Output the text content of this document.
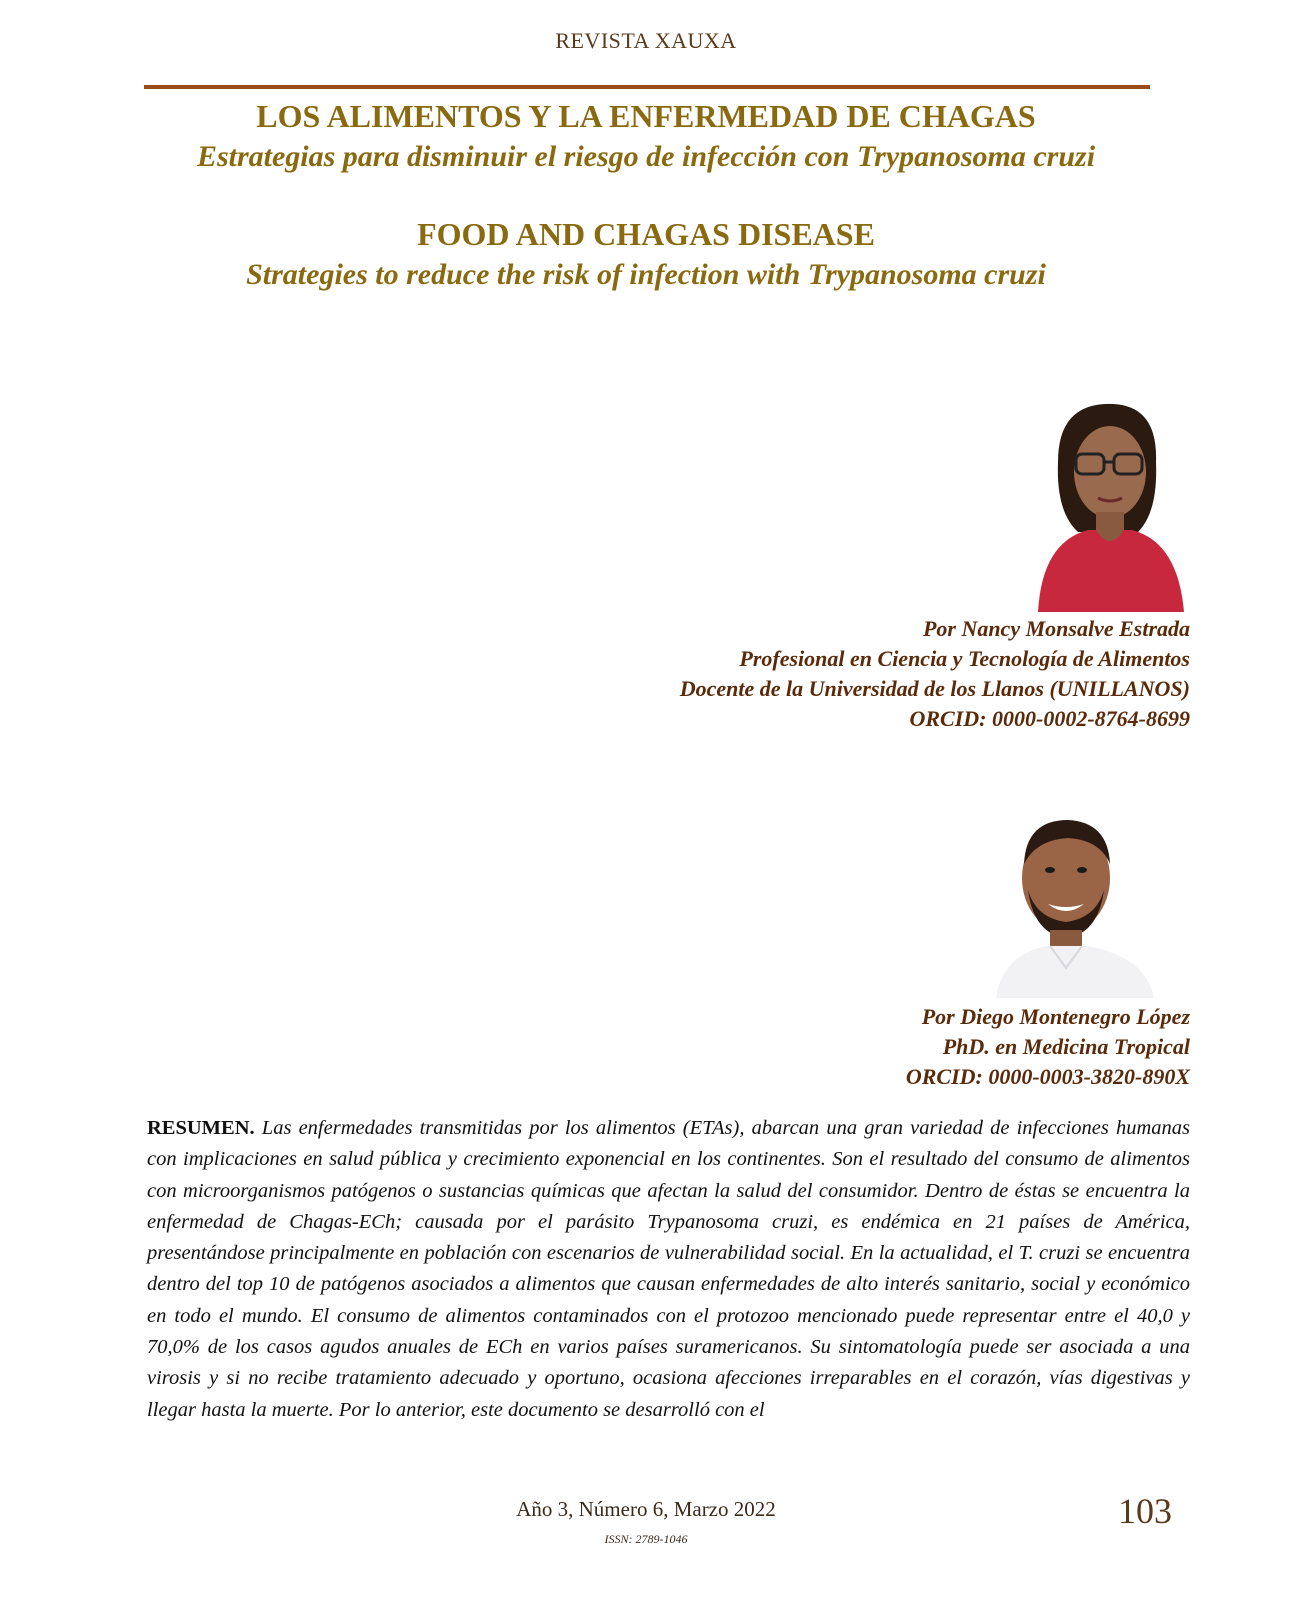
REVISTA XAUXA
LOS ALIMENTOS Y LA ENFERMEDAD DE CHAGAS
Estrategias para disminuir el riesgo de infección con Trypanosoma cruzi
FOOD AND CHAGAS DISEASE
Strategies to reduce the risk of infection with Trypanosoma cruzi
Por Nancy Monsalve Estrada
Profesional en Ciencia y Tecnología de Alimentos
Docente de la Universidad de los Llanos (UNILLANOS)
ORCID: 0000-0002-8764-8699
Por Diego Montenegro López
PhD. en Medicina Tropical
ORCID: 0000-0003-3820-890X
RESUMEN. Las enfermedades transmitidas por los alimentos (ETAs), abarcan una gran variedad de infecciones humanas con implicaciones en salud pública y crecimiento exponencial en los continentes. Son el resultado del consumo de alimentos con microorganismos patógenos o sustancias químicas que afectan la salud del consumidor. Dentro de éstas se encuentra la enfermedad de Chagas-ECh; causada por el parásito Trypanosoma cruzi, es endémica en 21 países de América, presentándose principalmente en población con escenarios de vulnerabilidad social. En la actualidad, el T. cruzi se encuentra dentro del top 10 de patógenos asociados a alimentos que causan enfermedades de alto interés sanitario, social y económico en todo el mundo. El consumo de alimentos contaminados con el protozoo mencionado puede representar entre el 40,0 y 70,0% de los casos agudos anuales de ECh en varios países suramericanos. Su sintomatología puede ser asociada a una virosis y si no recibe tratamiento adecuado y oportuno, ocasiona afecciones irreparables en el corazón, vías digestivas y llegar hasta la muerte. Por lo anterior, este documento se desarrolló con el
Año 3, Número 6, Marzo 2022
ISSN: 2789-1046
103
